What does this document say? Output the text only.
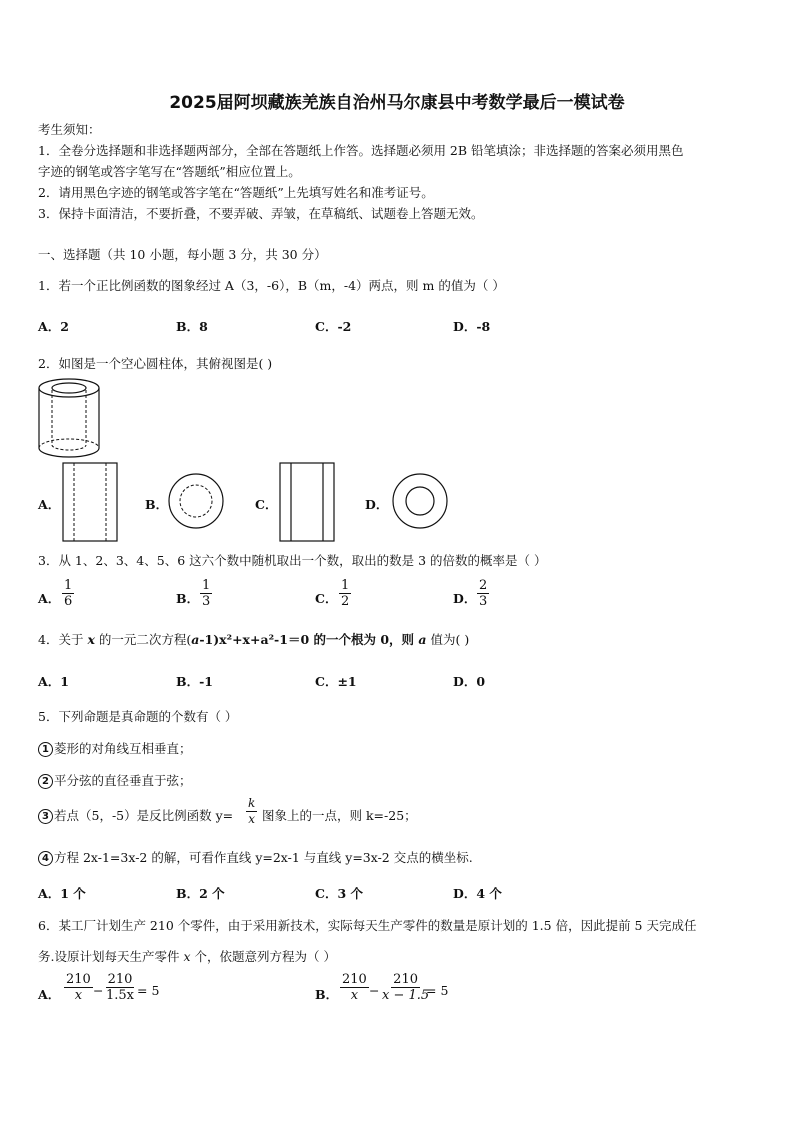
2025届阿坝藏族羌族自治州马尔康县中考数学最后一模试卷
考生须知：
1．全卷分选择题和非选择题两部分，全部在答题纸上作答。选择题必须用 2B 铅笔填涂；非选择题的答案必须用黑色
字迹的钢笔或答字笔写在“答题纸”相应位置上。
2．请用黑色字迹的钢笔或答字笔在“答题纸”上先填写姓名和准考证号。
3．保持卡面清洁，不要折叠，不要弄破、弄皱，在草稿纸、试题卷上答题无效。
一、选择题（共 10 小题，每小题 3 分，共 30 分）
1．若一个正比例函数的图象经过 A（3，-6），B（m，-4）两点，则 m 的值为（ ）
A．2	B．8	C．-2	D．-8
2．如图是一个空心圆柱体，其俯视图是( )
A．	B．	C．	D．
3．从 1、2、3、4、5、6 这六个数中随机取出一个数，取出的数是 3 的倍数的概率是（ ）
A． $\frac{1}{6}$	B． $\frac{1}{3}$	C． $\frac{1}{2}$	D． $\frac{2}{3}$
4．关于 x 的一元二次方程(a-1)x²+x+a²-1＝0 的一个根为 0，则 a 值为( )
A．1	B．-1	C．±1	D．0
5．下列命题是真命题的个数有（ ）
1 菱形的对角线互相垂直；
2 平分弦的直径垂直于弦；
3 若点（5，-5）是反比例函数 $y= \frac{k}{x}$ 图象上的一点，则 k=-25；
4 方程 2x-1=3x-2 的解，可看作直线 y=2x-1 与直线 y=3x-2 交点的横坐标.
A．1 个	B．2 个	C．3 个	D．4 个
6．某工厂计划生产 210 个零件，由于采用新技术，实际每天生产零件的数量是原计划的 1.5 倍，因此提前 5 天完成任
务.设原计划每天生产零件 x 个，依题意列方程为（ ）
A． $\frac{210}{x} - \frac{210}{1.5x} = 5$	B． $\frac{210}{x} - \frac{210}{x - 1.5}$
= 5
